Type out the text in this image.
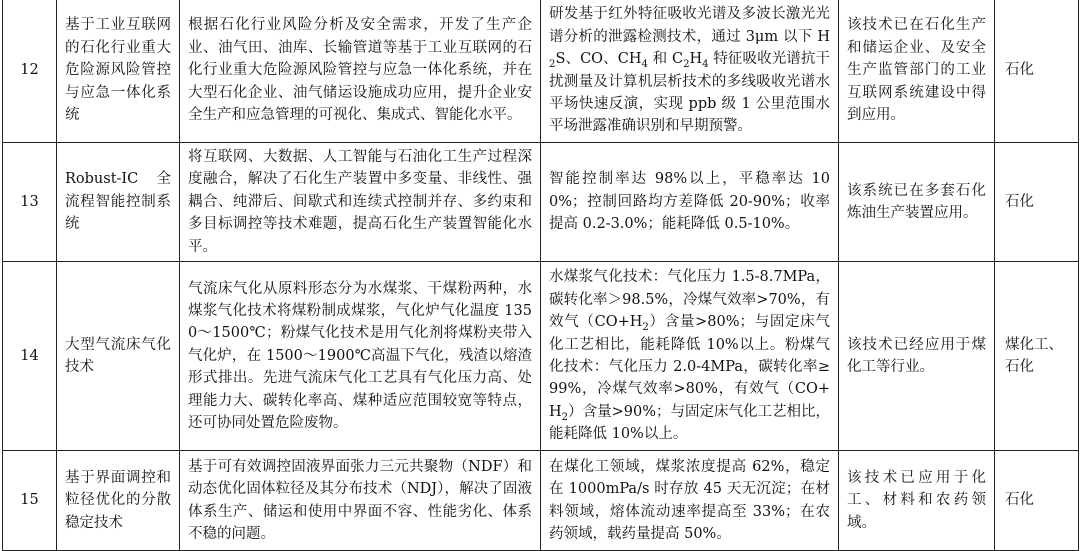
12	基于工业互联网的石化行业重大危险源风险管控与应急一体化系统	根据石化行业风险分析及安全需求，开发了生产企业、油气田、油库、长输管道等基于工业互联网的石化行业重大危险源风险管控与应急一体化系统，并在大型石化企业、油气储运设施成功应用，提升企业安全生产和应急管理的可视化、集成式、智能化水平。	研发基于红外特征吸收光谱及多波长激光光谱分析的泄露检测技术，通过 3μm 以下 $H_2S$、CO、$CH_4$ 和 $C_2H_4$ 特征吸收光谱抗干扰测量及计算机层析技术的多线吸收光谱水平场快速反演，实现 ppb 级 1 公里范围水平场泄露准确识别和早期预警。	该技术已在石化生产和储运企业、及安全生产监管部门的工业互联网系统建设中得到应用。	石化
13	Robust-IC 全流程智能控制系统	将互联网、大数据、人工智能与石油化工生产过程深度融合，解决了石化生产装置中多变量、非线性、强耦合、纯滞后、间歇式和连续式控制并存、多约束和多目标调控等技术难题，提高石化生产装置智能化水平。	智能控制率达 98%以上，平稳率达 100%；控制回路均方差降低 20-90%；收率提高 0.2-3.0%；能耗降低 0.5-10%。	该系统已在多套石化炼油生产装置应用。	石化
14	大型气流床气化技术	气流床气化从原料形态分为水煤浆、干煤粉两种，水煤浆气化技术将煤粉制成煤浆，气化炉气化温度 1350～1500℃；粉煤气化技术是用气化剂将煤粉夹带入气化炉，在 1500～1900℃高温下气化，残渣以熔渣形式排出。先进气流床气化工艺具有气化压力高、处理能力大、碳转化率高、煤种适应范围较宽等特点，还可协同处置危险废物。	水煤浆气化技术：气化压力 1.5-8.7MPa，碳转化率＞98.5%，冷煤气效率>70%，有效气$(CO+H_2)$含量>80%；与固定床气化工艺相比，能耗降低 10%以上。粉煤气化技术：气化压力 2.0-4MPa，碳转化率≥99%，冷煤气效率>80%，有效气$(CO+H_2)$含量>90%；与固定床气化工艺相比，能耗降低 10%以上。	该技术已经应用于煤化工等行业。	煤化工、石化
15	基于界面调控和粒径优化的分散稳定技术	基于可有效调控固液界面张力三元共聚物（NDF）和动态优化固体粒径及其分布技术（NDJ），解决了固液体系生产、储运和使用中界面不容、性能劣化、体系不稳的问题。	在煤化工领域，煤浆浓度提高 62%，稳定在 1000mPa/s 时存放 45 天无沉淀；在材料领域，熔体流动速率提高至 33%；在农药领域，载药量提高 50%。	该技术已应用于化工、材料和农药领域。	石化
